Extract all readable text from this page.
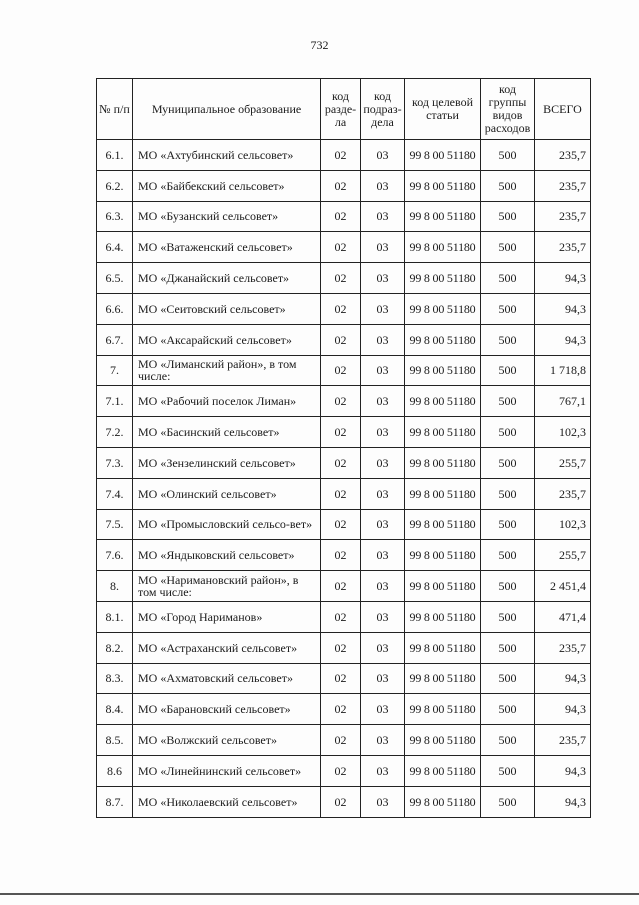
732
№ п/п	Муниципальное образование	код разде-ла	код подраз-дела	код целевой статьи	код группы видов расходов	ВСЕГО
6.1.	МО «Ахтубинский сельсовет»	02	03	99 8 00 51180	500	235,7
6.2.	МО «Байбекский сельсовет»	02	03	99 8 00 51180	500	235,7
6.3.	МО «Бузанский сельсовет»	02	03	99 8 00 51180	500	235,7
6.4.	МО «Ватаженский сельсовет»	02	03	99 8 00 51180	500	235,7
6.5.	МО «Джанайский сельсовет»	02	03	99 8 00 51180	500	94,3
6.6.	МО «Сеитовский сельсовет»	02	03	99 8 00 51180	500	94,3
6.7.	МО «Аксарайский сельсовет»	02	03	99 8 00 51180	500	94,3
7.	МО «Лиманский район», в том числе:	02	03	99 8 00 51180	500	1 718,8
7.1.	МО «Рабочий поселок Лиман»	02	03	99 8 00 51180	500	767,1
7.2.	МО «Басинский сельсовет»	02	03	99 8 00 51180	500	102,3
7.3.	МО «Зензелинский сельсовет»	02	03	99 8 00 51180	500	255,7
7.4.	МО «Олинский сельсовет»	02	03	99 8 00 51180	500	235,7
7.5.	МО «Промысловский сельсо-вет»	02	03	99 8 00 51180	500	102,3
7.6.	МО «Яндыковский сельсовет»	02	03	99 8 00 51180	500	255,7
8.	МО «Наримановский район», в том числе:	02	03	99 8 00 51180	500	2 451,4
8.1.	МО «Город Нариманов»	02	03	99 8 00 51180	500	471,4
8.2.	МО «Астраханский сельсовет»	02	03	99 8 00 51180	500	235,7
8.3.	МО «Ахматовский сельсовет»	02	03	99 8 00 51180	500	94,3
8.4.	МО «Барановский сельсовет»	02	03	99 8 00 51180	500	94,3
8.5.	МО «Волжский сельсовет»	02	03	99 8 00 51180	500	235,7
8.6	МО «Линейнинский сельсовет»	02	03	99 8 00 51180	500	94,3
8.7.	МО «Николаевский сельсовет»	02	03	99 8 00 51180	500	94,3
